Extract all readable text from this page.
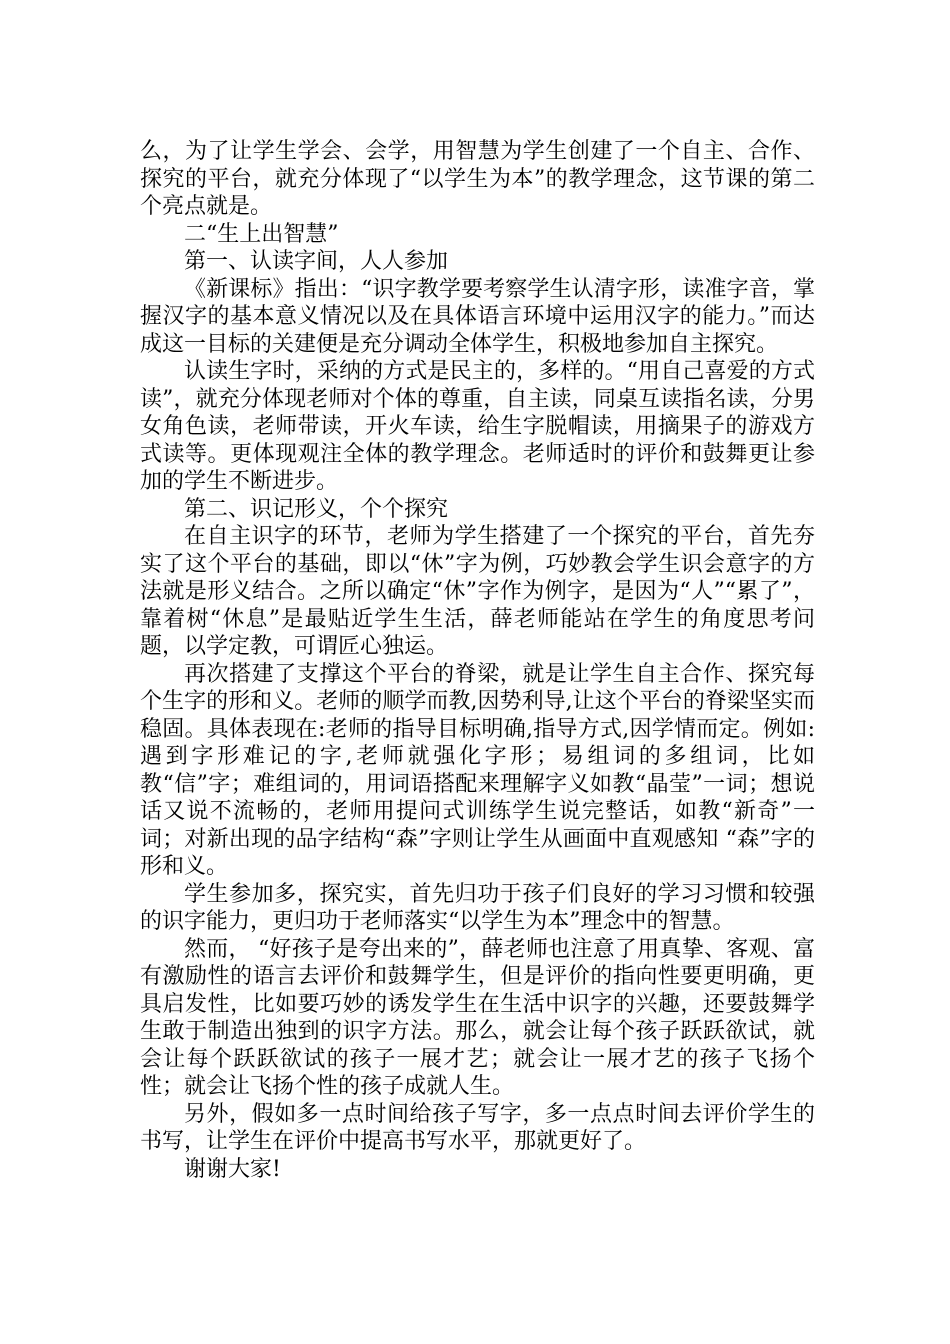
么，为了让学生学会、会学，用智慧为学生创建了一个自主、合作、探究的平台，就充分体现了“以学生为本”的教学理念，这节课的第二个亮点就是。

二“生上出智慧”

第一、认读字间，人人参加

《新课标》指出：“识字教学要考察学生认清字形，读准字音，掌握汉字的基本意义情况以及在具体语言环境中运用汉字的能力。”而达成这一目标的关建便是充分调动全体学生，积极地参加自主探究。

认读生字时，采纳的方式是民主的，多样的。“用自己喜爱的方式读”，就充分体现老师对个体的尊重，自主读，同桌互读指名读，分男女角色读，老师带读，开火车读，给生字脱帽读，用摘果子的游戏方式读等。更体现观注全体的教学理念。老师适时的评价和鼓舞更让参加的学生不断进步。

第二、识记形义，个个探究

在自主识字的环节，老师为学生搭建了一个探究的平台，首先夯实了这个平台的基础，即以“休”字为例，巧妙教会学生识会意字的方法就是形义结合。之所以确定“休”字作为例字，是因为“人”“累了”，靠着树“休息”是最贴近学生生活，薛老师能站在学生的角度思考问题，以学定教，可谓匠心独运。

再次搭建了支撑这个平台的脊梁，就是让学生自主合作、探究每个生字的形和义。老师的顺学而教,因势利导,让这个平台的脊梁坚实而稳固。具体表现在:老师的指导目标明确,指导方式,因学情而定。例如:遇到字形难记的字,老师就强化字形；易组词的多组词，比如教“信”字；难组词的，用词语搭配来理解字义如教“晶莹”一词；想说话又说不流畅的，老师用提问式训练学生说完整话，如教“新奇”一词；对新出现的品字结构“森”字则让学生从画面中直观感知 “森”字的形和义。

学生参加多，探究实，首先归功于孩子们良好的学习习惯和较强的识字能力，更归功于老师落实“以学生为本”理念中的智慧。

然而， “好孩子是夸出来的”，薛老师也注意了用真挚、客观、富有激励性的语言去评价和鼓舞学生，但是评价的指向性要更明确，更具启发性，比如要巧妙的诱发学生在生活中识字的兴趣，还要鼓舞学生敢于制造出独到的识字方法。那么，就会让每个孩子跃跃欲试，就会让每个跃跃欲试的孩子一展才艺；就会让一展才艺的孩子飞扬个性；就会让飞扬个性的孩子成就人生。

另外，假如多一点时间给孩子写字，多一点点时间去评价学生的书写，让学生在评价中提高书写水平，那就更好了。

谢谢大家!
